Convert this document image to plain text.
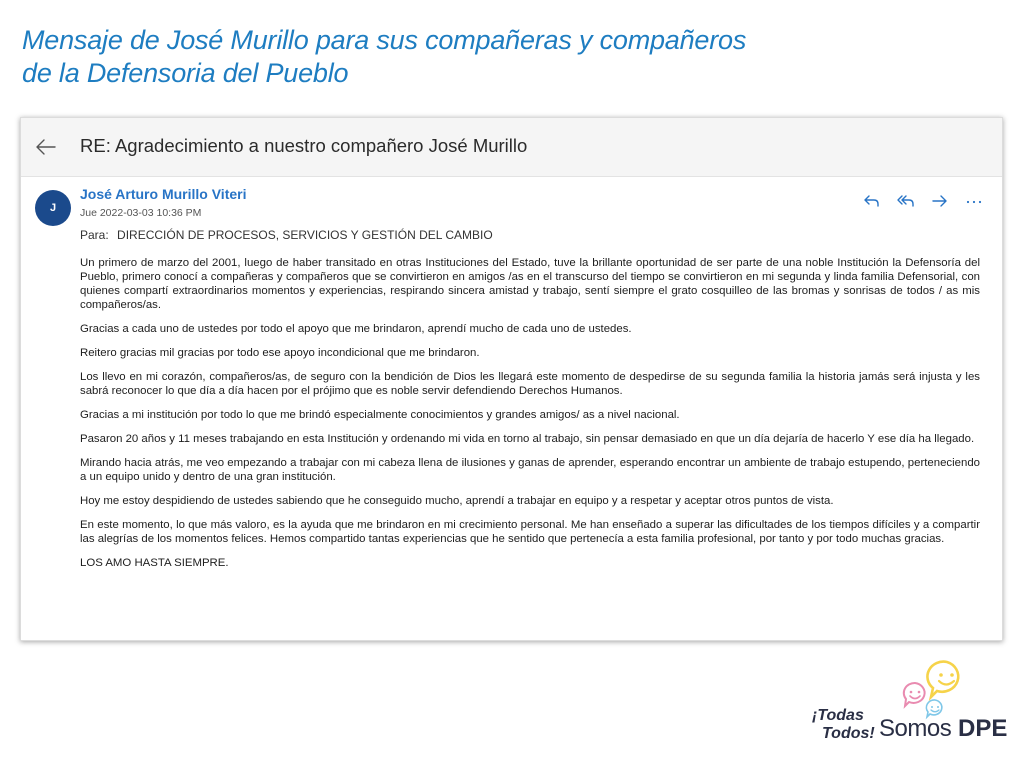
Mensaje de José Murillo para sus compañeras y compañeros
de la Defensoria del Pueblo
RE: Agradecimiento a nuestro compañero José Murillo
J
José Arturo Murillo Viteri
Jue 2022-03-03 10:36 PM
Para: DIRECCIÓN DE PROCESOS, SERVICIOS Y GESTIÓN DEL CAMBIO

Un primero de marzo del 2001, luego de haber transitado en otras Instituciones del Estado, tuve la brillante oportunidad de ser parte de una noble Institución la Defensoría del Pueblo, primero conocí a compañeras y compañeros que se convirtieron en amigos /as en el transcurso del tiempo se convirtieron en mi segunda y linda familia Defensorial, con quienes compartí extraordinarios momentos y experiencias, respirando sincera amistad y trabajo, sentí siempre el grato cosquilleo de las bromas y sonrisas de todos / as mis compañeros/as.

Gracias a cada uno de ustedes por todo el apoyo que me brindaron, aprendí mucho de cada uno de ustedes.

Reitero gracias mil gracias por todo ese apoyo incondicional que me brindaron.

Los llevo en mi corazón, compañeros/as, de seguro con la bendición de Dios les llegará este momento de despedirse de su segunda familia la historia jamás será injusta y les sabrá reconocer lo que día a día hacen por el prójimo que es noble servir defendiendo Derechos Humanos.

Gracias a mi institución por todo lo que me brindó especialmente conocimientos y grandes amigos/ as a nivel nacional.

Pasaron 20 años y 11 meses trabajando en esta Institución y ordenando mi vida en torno al trabajo, sin pensar demasiado en que un día dejaría de hacerlo Y ese día ha llegado.

Mirando hacia atrás, me veo empezando a trabajar con mi cabeza llena de ilusiones y ganas de aprender, esperando encontrar un ambiente de trabajo estupendo, perteneciendo a un equipo unido y dentro de una gran institución.

Hoy me estoy despidiendo de ustedes sabiendo que he conseguido mucho, aprendí a trabajar en equipo y a respetar y aceptar otros puntos de vista.

En este momento, lo que más valoro, es la ayuda que me brindaron en mi crecimiento personal. Me han enseñado a superar las dificultades de los tiempos difíciles y a compartir las alegrías de los momentos felices. Hemos compartido tantas experiencias que he sentido que pertenecía a esta familia profesional, por tanto y por todo muchas gracias.

LOS AMO HASTA SIEMPRE.

¡Todas
Todos! Somos DPE
